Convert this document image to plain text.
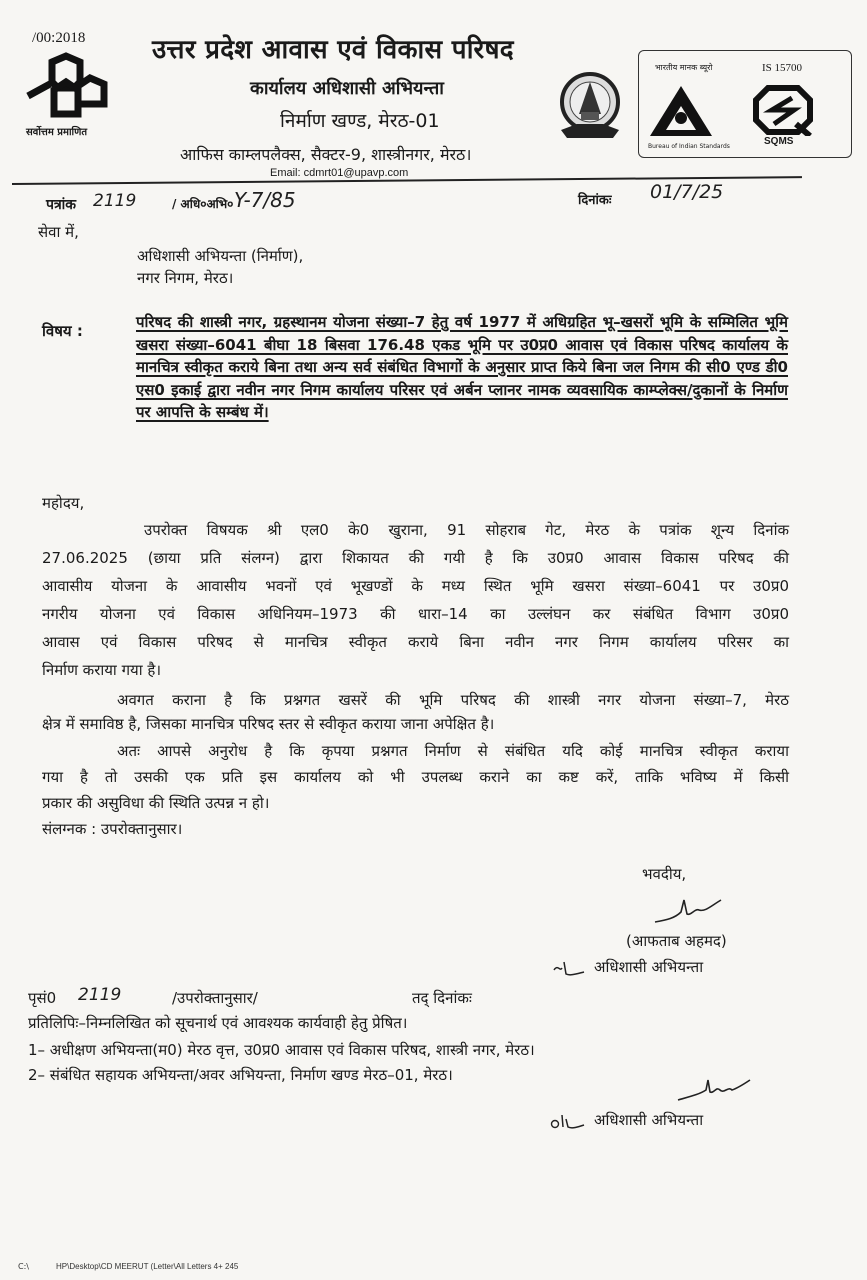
/00:2018
सर्वोत्तम प्रमाणित
उत्तर प्रदेश आवास एवं विकास परिषद
कार्यालय अधिशासी अभियन्ता
निर्माण खण्ड, मेरठ-01
आफिस काम्लपलैक्स, सैक्टर-9, शास्त्रीनगर, मेरठ।
Email: cdmrt01@upavp.com
भारतीय मानक ब्यूरो	IS 15700
Bureau of Indian Standards	SQMS
पत्रांक 2119	/ अधि०अभि० Y-7/85	दिनांकः 01/7/25
सेवा में,
अधिशासी अभियन्ता (निर्माण),
नगर निगम, मेरठ।
विषय :	परिषद की शास्त्री नगर, ग्रहस्थानम योजना संख्या–7 हेतु वर्ष 1977 में अधिग्रहित भू–खसरों भूमि के सम्मिलित भूमि खसरा संख्या–6041 बीघा 18 बिसवा 176.48 एकड भूमि पर उ0प्र0 आवास एवं विकास परिषद कार्यालय के मानचित्र स्वीकृत कराये बिना तथा अन्य सर्व संबंधित विभागों के अनुसार प्राप्त किये बिना जल निगम की सी0 एण्ड डी0 एस0 इकाई द्वारा नवीन नगर निगम कार्यालय परिसर एवं अर्बन प्लानर नामक व्यवसायिक काम्प्लेक्स/दुकानों के निर्माण पर आपत्ति के सम्बंध में।
महोदय,
उपरोक्त विषयक श्री एल0 के0 खुराना, 91 सोहराब गेट, मेरठ के पत्रांक शून्य दिनांक
27.06.2025 (छाया प्रति संलग्न) द्वारा शिकायत की गयी है कि उ0प्र0 आवास विकास परिषद की
आवासीय योजना के आवासीय भवनों एवं भूखण्डों के मध्य स्थित भूमि खसरा संख्या–6041 पर उ0प्र0
नगरीय योजना एवं विकास अधिनियम–1973 की धारा–14 का उल्लंघन कर संबंधित विभाग उ0प्र0
आवास एवं विकास परिषद से मानचित्र स्वीकृत कराये बिना नवीन नगर निगम कार्यालय परिसर का
निर्माण कराया गया है।
अवगत कराना है कि प्रश्नगत खसरें की भूमि परिषद की शास्त्री नगर योजना संख्या–7, मेरठ
क्षेत्र में समाविष्ठ है, जिसका मानचित्र परिषद स्तर से स्वीकृत कराया जाना अपेक्षित है।
अतः आपसे अनुरोध है कि कृपया प्रश्नगत निर्माण से संबंधित यदि कोई मानचित्र स्वीकृत कराया
गया है तो उसकी एक प्रति इस कार्यालय को भी उपलब्ध कराने का कष्ट करें, ताकि भविष्य में किसी
प्रकार की असुविधा की स्थिति उत्पन्न न हो।
संलग्नक : उपरोक्तानुसार।
भवदीय,
(आफताब अहमद)
अधिशासी अभियन्ता
पृसं0 2119	/उपरोक्तानुसार/	तद् दिनांकः
प्रतिलिपिः–निम्नलिखित को सूचनार्थ एवं आवश्यक कार्यवाही हेतु प्रेषित।
1– अधीक्षण अभियन्ता(म0) मेरठ वृत्त, उ0प्र0 आवास एवं विकास परिषद, शास्त्री नगर, मेरठ।
2– संबंधित सहायक अभियन्ता/अवर अभियन्ता, निर्माण खण्ड मेरठ–01, मेरठ।
अधिशासी अभियन्ता
C:\	HP\Desktop\CD MEERUT (Letter\All Letters 4+ 245
